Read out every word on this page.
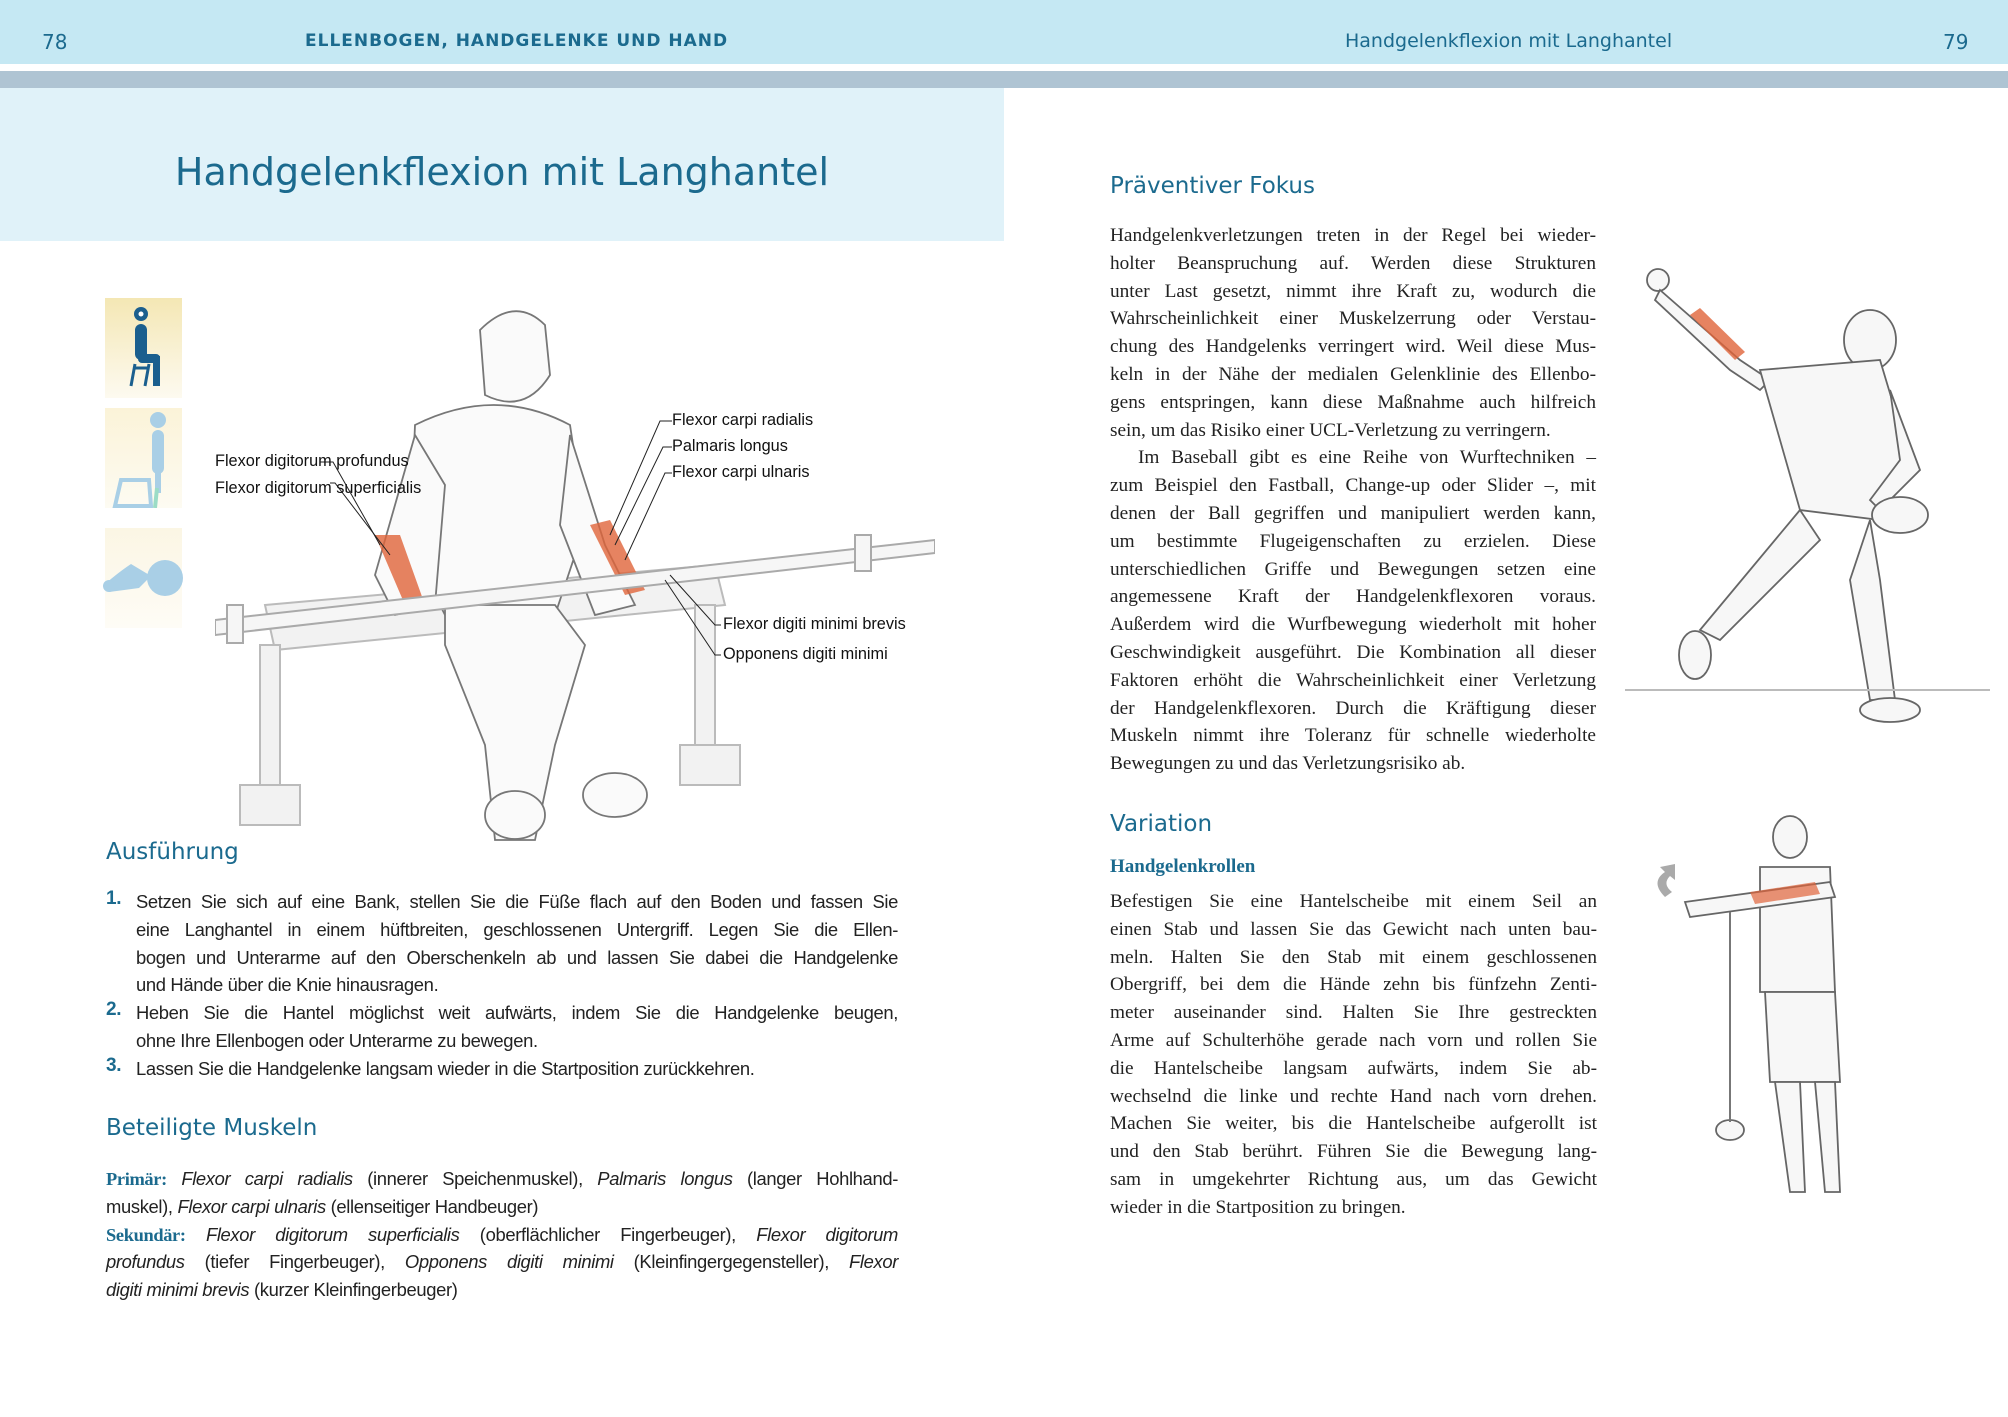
78	ELLENBOGEN, HANDGELENKE UND HAND	Handgelenkflexion mit Langhantel	79
Handgelenkflexion mit Langhantel
Flexor carpi radialis
Palmaris longus
Flexor carpi ulnaris
Flexor digitorum profundus
Flexor digitorum superficialis
Flexor digiti minimi brevis
Opponens digiti minimi
Ausführung
1. Setzen Sie sich auf eine Bank, stellen Sie die Füße flach auf den Boden und fassen Sie
eine Langhantel in einem hüftbreiten, geschlossenen Untergriff. Legen Sie die Ellen-
bogen und Unterarme auf den Oberschenkeln ab und lassen Sie dabei die Handgelenke
und Hände über die Knie hinausragen.
2. Heben Sie die Hantel möglichst weit aufwärts, indem Sie die Handgelenke beugen,
ohne Ihre Ellenbogen oder Unterarme zu bewegen.
3. Lassen Sie die Handgelenke langsam wieder in die Startposition zurückkehren.
Beteiligte Muskeln
Primär: Flexor carpi radialis (innerer Speichenmuskel), Palmaris longus (langer Hohlhand-
muskel), Flexor carpi ulnaris (ellenseitiger Handbeuger)
Sekundär: Flexor digitorum superficialis (oberflächlicher Fingerbeuger), Flexor digitorum
profundus (tiefer Fingerbeuger), Opponens digiti minimi (Kleinfingergegensteller), Flexor
digiti minimi brevis (kurzer Kleinfingerbeuger)
Präventiver Fokus
Handgelenkverletzungen treten in der Regel bei wieder-
holter Beanspruchung auf. Werden diese Strukturen
unter Last gesetzt, nimmt ihre Kraft zu, wodurch die
Wahrscheinlichkeit einer Muskelzerrung oder Verstau-
chung des Handgelenks verringert wird. Weil diese Mus-
keln in der Nähe der medialen Gelenklinie des Ellenbo-
gens entspringen, kann diese Maßnahme auch hilfreich
sein, um das Risiko einer UCL-Verletzung zu verringern.
Im Baseball gibt es eine Reihe von Wurftechniken –
zum Beispiel den Fastball, Change-up oder Slider –, mit
denen der Ball gegriffen und manipuliert werden kann,
um bestimmte Flugeigenschaften zu erzielen. Diese
unterschiedlichen Griffe und Bewegungen setzen eine
angemessene Kraft der Handgelenkflexoren voraus.
Außerdem wird die Wurfbewegung wiederholt mit hoher
Geschwindigkeit ausgeführt. Die Kombination all dieser
Faktoren erhöht die Wahrscheinlichkeit einer Verletzung
der Handgelenkflexoren. Durch die Kräftigung dieser
Muskeln nimmt ihre Toleranz für schnelle wiederholte
Bewegungen zu und das Verletzungsrisiko ab.
Variation
Handgelenkrollen
Befestigen Sie eine Hantelscheibe mit einem Seil an
einen Stab und lassen Sie das Gewicht nach unten bau-
meln. Halten Sie den Stab mit einem geschlossenen
Obergriff, bei dem die Hände zehn bis fünfzehn Zenti-
meter auseinander sind. Halten Sie Ihre gestreckten
Arme auf Schulterhöhe gerade nach vorn und rollen Sie
die Hantelscheibe langsam aufwärts, indem Sie ab-
wechselnd die linke und rechte Hand nach vorn drehen.
Machen Sie weiter, bis die Hantelscheibe aufgerollt ist
und den Stab berührt. Führen Sie die Bewegung lang-
sam in umgekehrter Richtung aus, um das Gewicht
wieder in die Startposition zu bringen.
